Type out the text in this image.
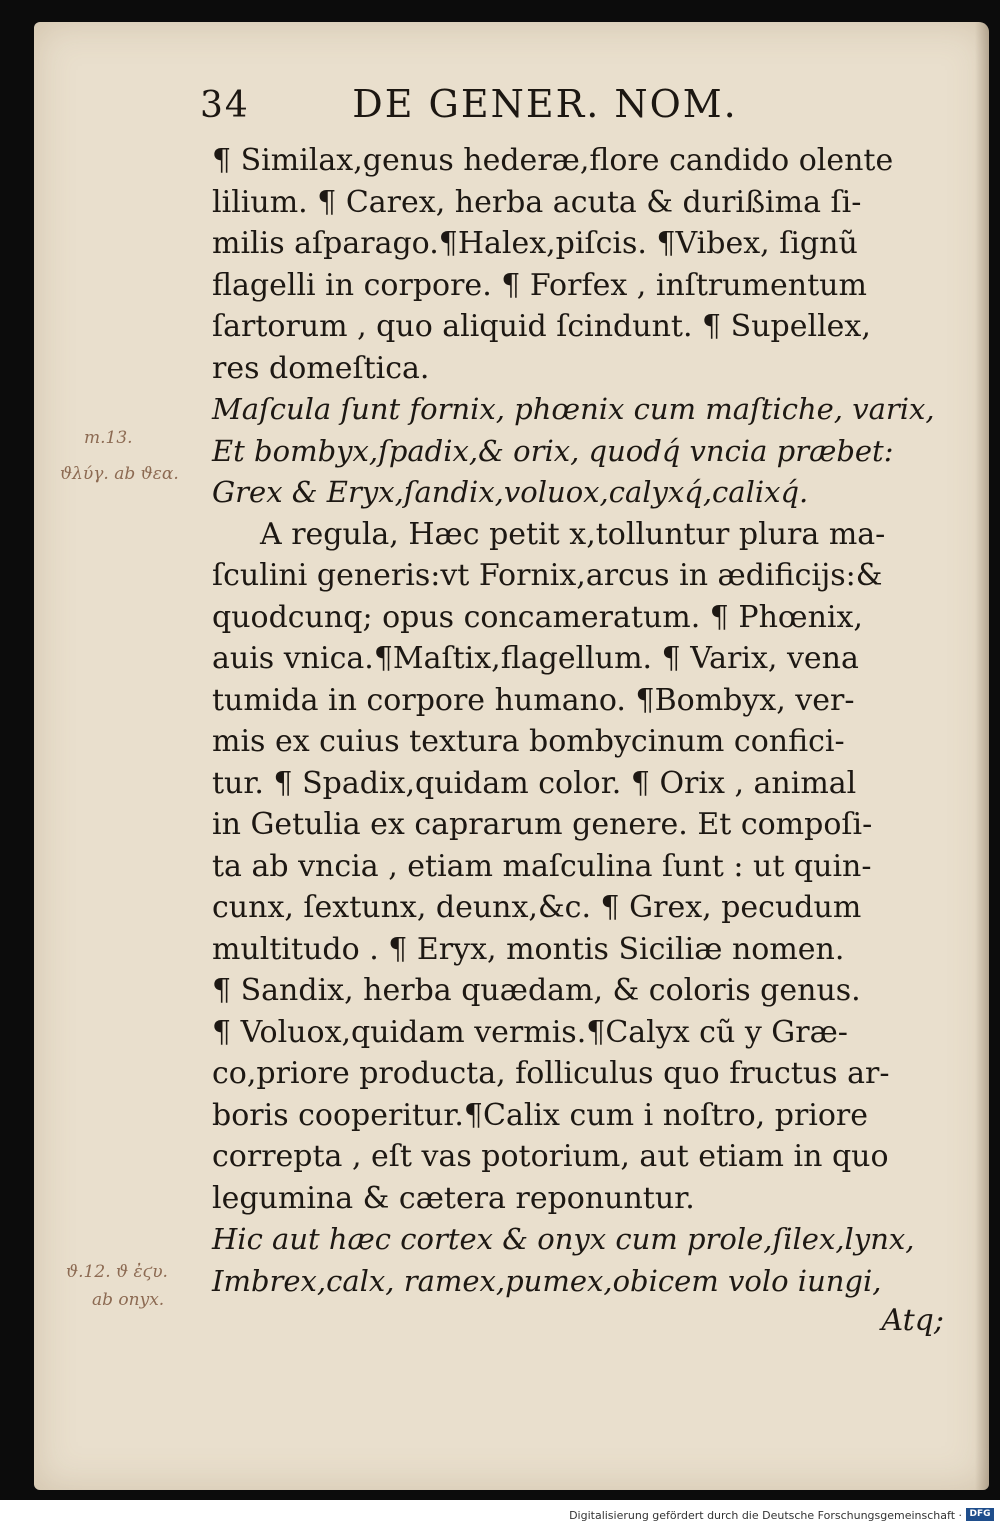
34	DE GENER. NOM.
¶ Similax,genus hederæ,flore candido olente
lilium. ¶ Carex, herba acuta & durißima ſi-
milis aſparago.¶Halex,piſcis. ¶Vibex, ſignũ
flagelli in corpore. ¶ Forfex , inſtrumentum
ſartorum , quo aliquid ſcindunt. ¶ Supellex,
res domeſtica.
Maſcula ſunt fornix, phœnix cum maſtiche, varix,
Et bombyx,ſpadix,& orix, quodq́ vncia præbet:
Grex & Eryx,ſandix,voluox,calyxq́,calixq́.
A regula, Hæc petit x,tolluntur plura ma-
ſculini generis:vt Fornix,arcus in ædificijs:&
quodcunq; opus concameratum. ¶ Phœnix,
auis vnica.¶Maſtix,flagellum. ¶ Varix, vena
tumida in corpore humano. ¶Bombyx, ver-
mis ex cuius textura bombycinum confici-
tur. ¶ Spadix,quidam color. ¶ Orix , animal
in Getulia ex caprarum genere. Et compoſi-
ta ab vncia , etiam maſculina ſunt : ut quin-
cunx, ſextunx, deunx,&c. ¶ Grex, pecudum
multitudo . ¶ Eryx, montis Siciliæ nomen.
¶ Sandix, herba quædam, & coloris genus.
¶ Voluox,quidam vermis.¶Calyx cũ y Græ-
co,priore producta, folliculus quo fructus ar-
boris cooperitur.¶Calix cum i noſtro, priore
correpta , eſt vas potorium, aut etiam in quo
legumina & cætera reponuntur.
Hic aut hæc cortex & onyx cum prole,ſilex,lynx,
Imbrex,calx, ramex,pumex,obicem volo iungi,
Atq;
m.13.
ϑλύγ. ab ϑεα.
ϑ.12. ϑ ἐϛυ.
ab onyx.
Digitalisierung gefördert durch die Deutsche Forschungsgemeinschaft · DFG
